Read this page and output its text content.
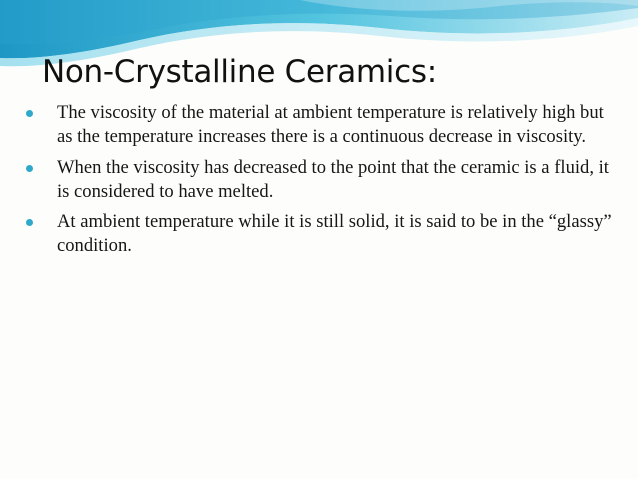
Non-Crystalline Ceramics:
The viscosity of the material at ambient temperature is relatively high but as the temperature increases there is a continuous decrease in viscosity.
When the viscosity has decreased to the point that the ceramic is a fluid, it is considered to have melted.
At ambient temperature while it is still solid, it is said to be in the “glassy” condition.
